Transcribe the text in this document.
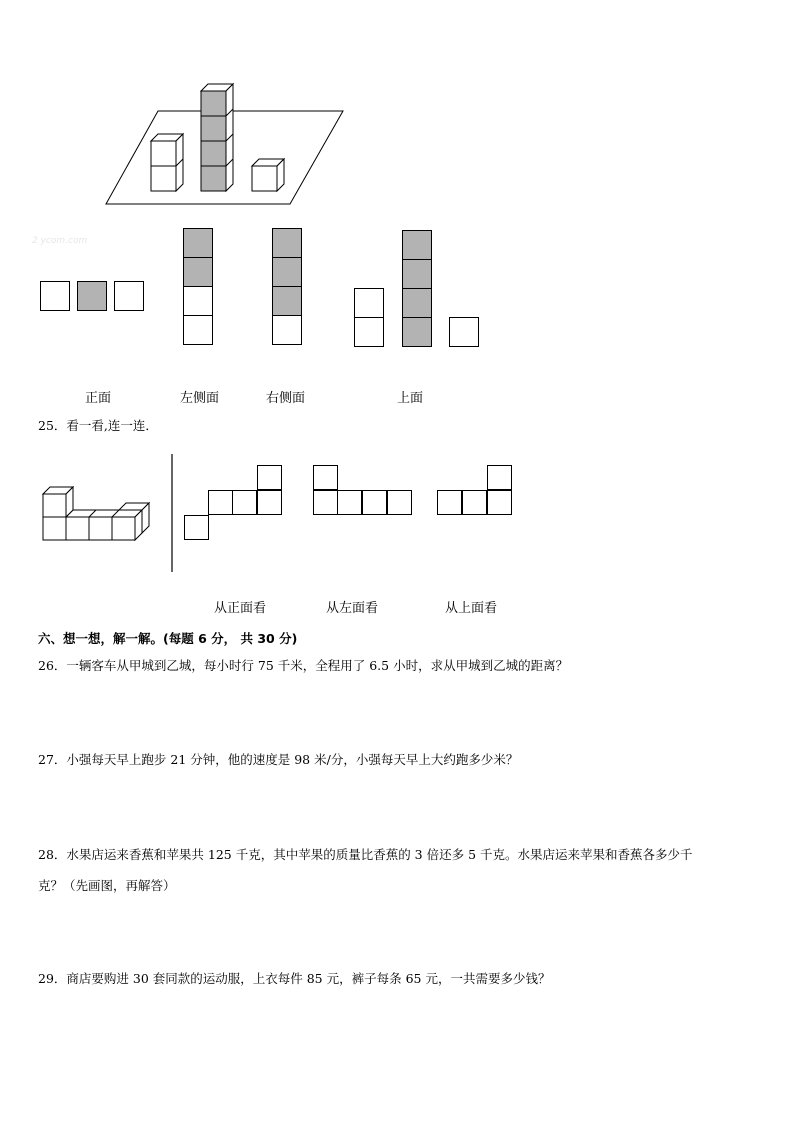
2 ycom.com
正面	左侧面	右侧面	上面
25．看一看,连一连．
从正面看	从左面看	从上面看
六、想一想，解一解。(每题 6 分， 共 30 分)
26．一辆客车从甲城到乙城，每小时行 75 千米，全程用了 6.5 小时，求从甲城到乙城的距离？
27．小强每天早上跑步 21 分钟，他的速度是 98 米/分，小强每天早上大约跑多少米？
28．水果店运来香蕉和苹果共 125 千克，其中苹果的质量比香蕉的 3 倍还多 5 千克。水果店运来苹果和香蕉各多少千
克？（先画图，再解答）
29．商店要购进 30 套同款的运动服，上衣每件 85 元，裤子每条 65 元，一共需要多少钱？
